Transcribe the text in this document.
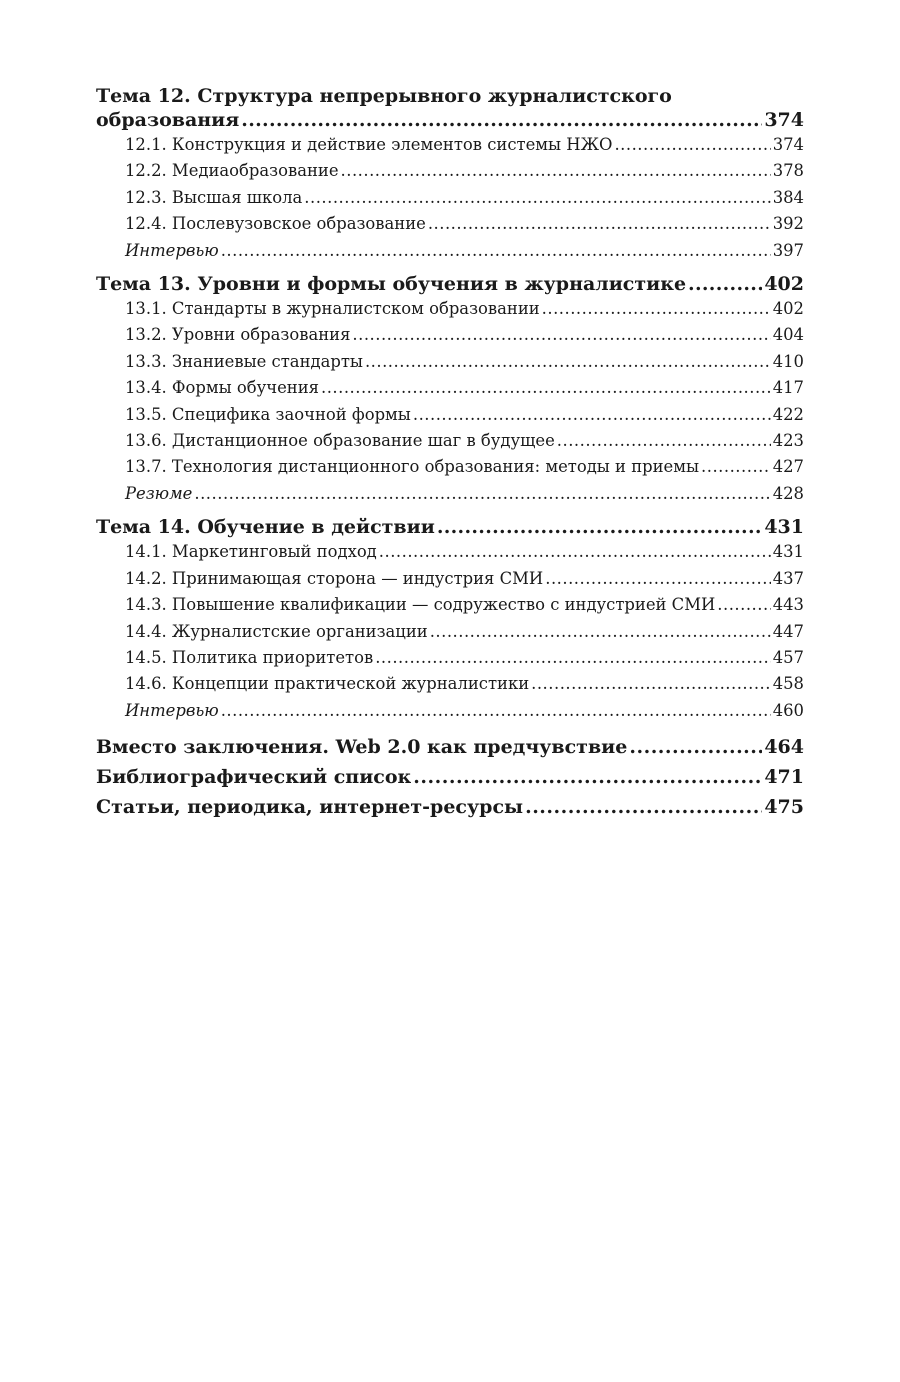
Тема 12. Структура непрерывного журналистского
образования .....	374
12.1. Конструкция и действие элементов системы НЖО .....	374
12.2. Медиаобразование .....	378
12.3. Высшая школа .....	384
12.4. Послевузовское образование .....	392
Интервью .....	397
Тема 13. Уровни и формы обучения в журналистике .....	402
13.1. Стандарты в журналистском образовании .....	402
13.2. Уровни образования .....	404
13.3. Знаниевые стандарты .....	410
13.4. Формы обучения .....	417
13.5. Специфика заочной формы .....	422
13.6. Дистанционное образование шаг в будущее .....	423
13.7. Технология дистанционного образования: методы и приемы .....	427
Резюме .....	428
Тема 14. Обучение в действии .....	431
14.1. Маркетинговый подход .....	431
14.2. Принимающая сторона — индустрия СМИ .....	437
14.3. Повышение квалификации — содружество с индустрией СМИ .....	443
14.4. Журналистские организации .....	447
14.5. Политика приоритетов .....	457
14.6. Концепции практической журналистики .....	458
Интервью .....	460
Вместо заключения. Web 2.0 как предчувствие .....	464
Библиографический список .....	471
Статьи, периодика, интернет-ресурсы .....	475
